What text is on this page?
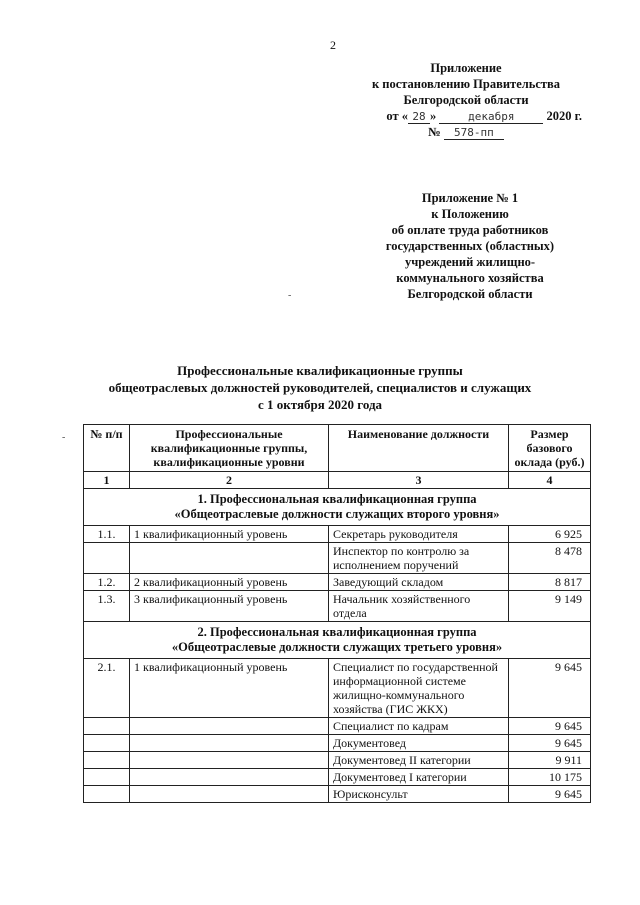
2
Приложение
к постановлению Правительства
Белгородской области
от « 28 »	декабря	2020 г.
№ 578-пп
Приложение № 1
к Положению
об оплате труда работников
государственных (областных)
учреждений жилищно-
коммунального хозяйства
Белгородской области
-
-
Профессиональные квалификационные группы
общеотраслевых должностей руководителей, специалистов и служащих
с 1 октября 2020 года
№ п/п	Профессиональные квалификационные группы, квалификационные уровни	Наименование должности	Размер базового оклада (руб.)
1	2	3	4

1. Профессиональная квалификационная группа
«Общеотраслевые должности служащих второго уровня»			

1.1.	1 квалификационный уровень	Секретарь руководителя	6 925
		Инспектор по контролю за исполнением поручений	8 478
1.2.	2 квалификационный уровень	Заведующий складом	8 817
1.3.	3 квалификационный уровень	Начальник хозяйственного отдела	9 149

2. Профессиональная квалификационная группа
«Общеотраслевые должности служащих третьего уровня»			

2.1.	1 квалификационный уровень	Специалист по государственной информационной системе жилищно-коммунального хозяйства (ГИС ЖКХ)	9 645
		Специалист по кадрам	9 645
		Документовед	9 645
		Документовед II категории	9 911
		Документовед I категории	10 175
		Юрисконсульт	9 645
